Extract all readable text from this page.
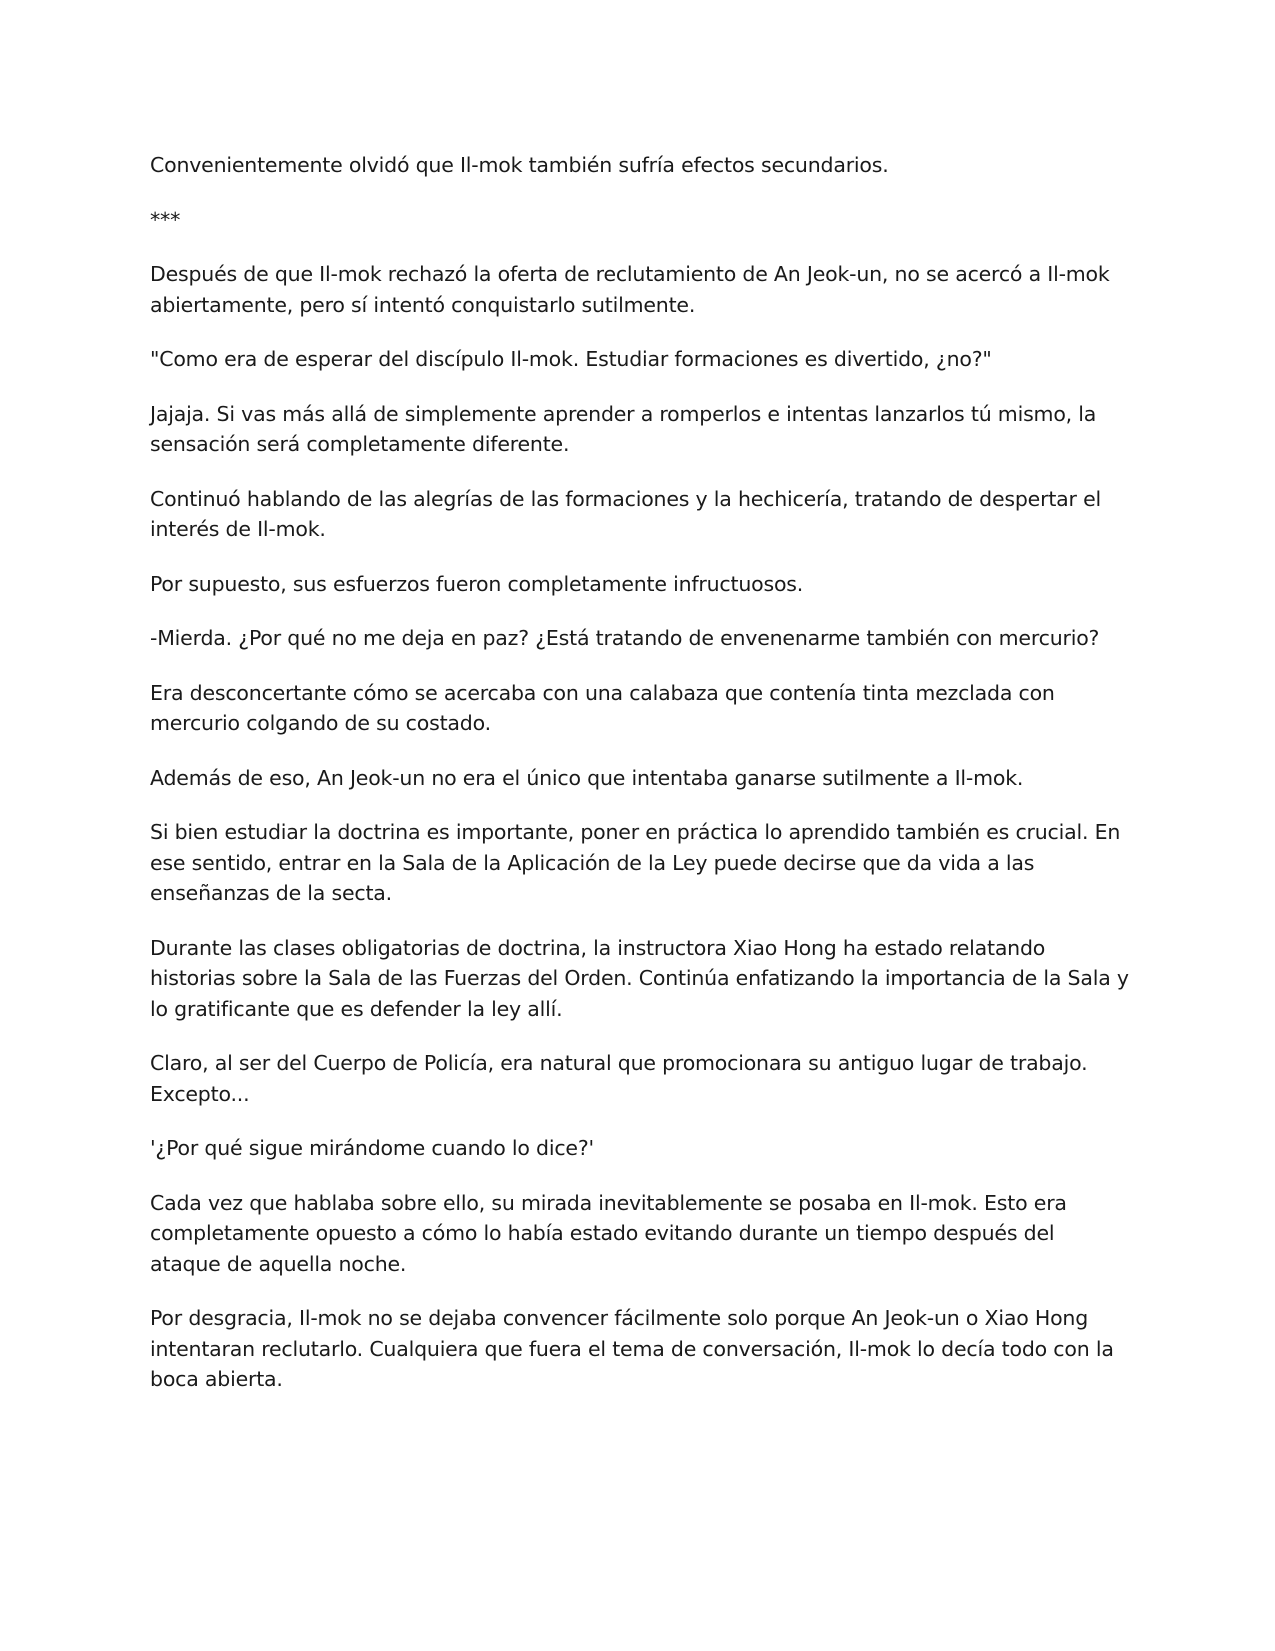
Convenientemente olvidó que Il-mok también sufría efectos secundarios.

***

Después de que Il-mok rechazó la oferta de reclutamiento de An Jeok-un, no se acercó a Il-mok abiertamente, pero sí intentó conquistarlo sutilmente.

"Como era de esperar del discípulo Il-mok. Estudiar formaciones es divertido, ¿no?"

Jajaja. Si vas más allá de simplemente aprender a romperlos e intentas lanzarlos tú mismo, la sensación será completamente diferente.

Continuó hablando de las alegrías de las formaciones y la hechicería, tratando de despertar el interés de Il-mok.

Por supuesto, sus esfuerzos fueron completamente infructuosos.

-Mierda. ¿Por qué no me deja en paz? ¿Está tratando de envenenarme también con mercurio?

Era desconcertante cómo se acercaba con una calabaza que contenía tinta mezclada con mercurio colgando de su costado.

Además de eso, An Jeok-un no era el único que intentaba ganarse sutilmente a Il-mok.

Si bien estudiar la doctrina es importante, poner en práctica lo aprendido también es crucial. En ese sentido, entrar en la Sala de la Aplicación de la Ley puede decirse que da vida a las enseñanzas de la secta.

Durante las clases obligatorias de doctrina, la instructora Xiao Hong ha estado relatando historias sobre la Sala de las Fuerzas del Orden. Continúa enfatizando la importancia de la Sala y lo gratificante que es defender la ley allí.

Claro, al ser del Cuerpo de Policía, era natural que promocionara su antiguo lugar de trabajo. Excepto...

'¿Por qué sigue mirándome cuando lo dice?'

Cada vez que hablaba sobre ello, su mirada inevitablemente se posaba en Il-mok. Esto era completamente opuesto a cómo lo había estado evitando durante un tiempo después del ataque de aquella noche.

Por desgracia, Il-mok no se dejaba convencer fácilmente solo porque An Jeok-un o Xiao Hong intentaran reclutarlo. Cualquiera que fuera el tema de conversación, Il-mok lo decía todo con la boca abierta.
